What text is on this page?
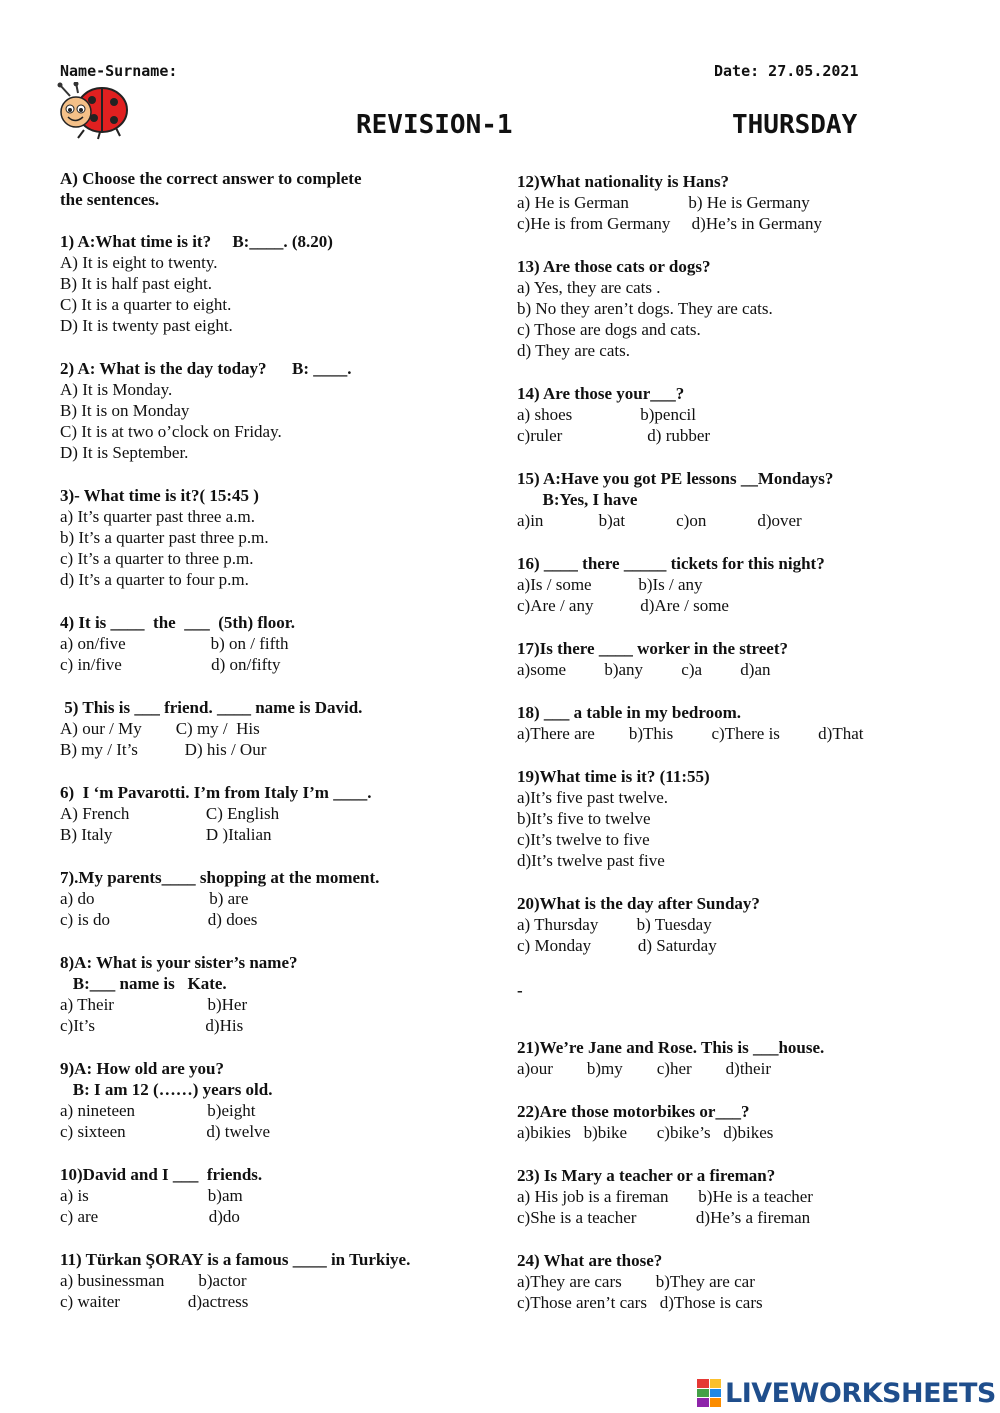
Name-Surname:	Date: 27.05.2021
REVISION-1	THURSDAY
A) Choose the correct answer to complete
the sentences.
1) A:What time is it?     B:____. (8.20)
A) It is eight to twenty.
B) It is half past eight.
C) It is a quarter to eight.
D) It is twenty past eight.
2) A: What is the day today?      B: ____.
A) It is Monday.
B) It is on Monday
C) It is at two o’clock on Friday.
D) It is September.
3)- What time is it?( 15:45 )
a) It’s quarter past three a.m.
b) It’s a quarter past three p.m.
c) It’s a quarter to three p.m.
d) It’s a quarter to four p.m.
4) It is ____  the  ___  (5th) floor.
a) on/five                    b) on / fifth
c) in/five                     d) on/fifty
5) This is ___ friend. ____ name is David.
A) our / My        C) my /  His
B) my / It’s           D) his / Our
6)  I ‘m Pavarotti. I’m from Italy I’m ____.
A) French                  C) English
B) Italy                      D )Italian
7).My parents____ shopping at the moment.
a) do                           b) are
c) is do                       d) does
8)A: What is your sister’s name?
B:___ name is   Kate.
a) Their                      b)Her
c)It’s                          d)His
9)A: How old are you?
B: I am 12 (……) years old.
a) nineteen                 b)eight
c) sixteen                   d) twelve
10)David and I ___  friends.
a) is                            b)am
c) are                          d)do
11) Türkan ŞORAY is a famous ____ in Turkiye.
a) businessman        b)actor
c) waiter                d)actress
12)What nationality is Hans?
a) He is German              b) He is Germany
c)He is from Germany     d)He’s in Germany
13) Are those cats or dogs?
a) Yes, they are cats .
b) No they aren’t dogs. They are cats.
c) Those are dogs and cats.
d) They are cats.
14) Are those your___?
a) shoes                b)pencil
c)ruler                    d) rubber
15) A:Have you got PE lessons __Mondays?
B:Yes, I have
a)in             b)at            c)on            d)over
16) ____ there _____ tickets for this night?
a)Is / some           b)Is / any
c)Are / any           d)Are / some
17)Is there ____ worker in the street?
a)some         b)any         c)a         d)an
18) ___ a table in my bedroom.
a)There are        b)This         c)There is         d)That
19)What time is it? (11:55)
a)It’s five past twelve.
b)It’s five to twelve
c)It’s twelve to five
d)It’s twelve past five
20)What is the day after Sunday?
a) Thursday         b) Tuesday
c) Monday           d) Saturday
-
21)We’re Jane and Rose. This is ___house.
a)our        b)my        c)her        d)their
22)Are those motorbikes or___?
a)bikies   b)bike       c)bike’s   d)bikes
23) Is Mary a teacher or a fireman?
a) His job is a fireman       b)He is a teacher
c)She is a teacher              d)He’s a fireman
24) What are those?
a)They are cars        b)They are car
c)Those aren’t cars   d)Those is cars
LIVEWORKSHEETS
